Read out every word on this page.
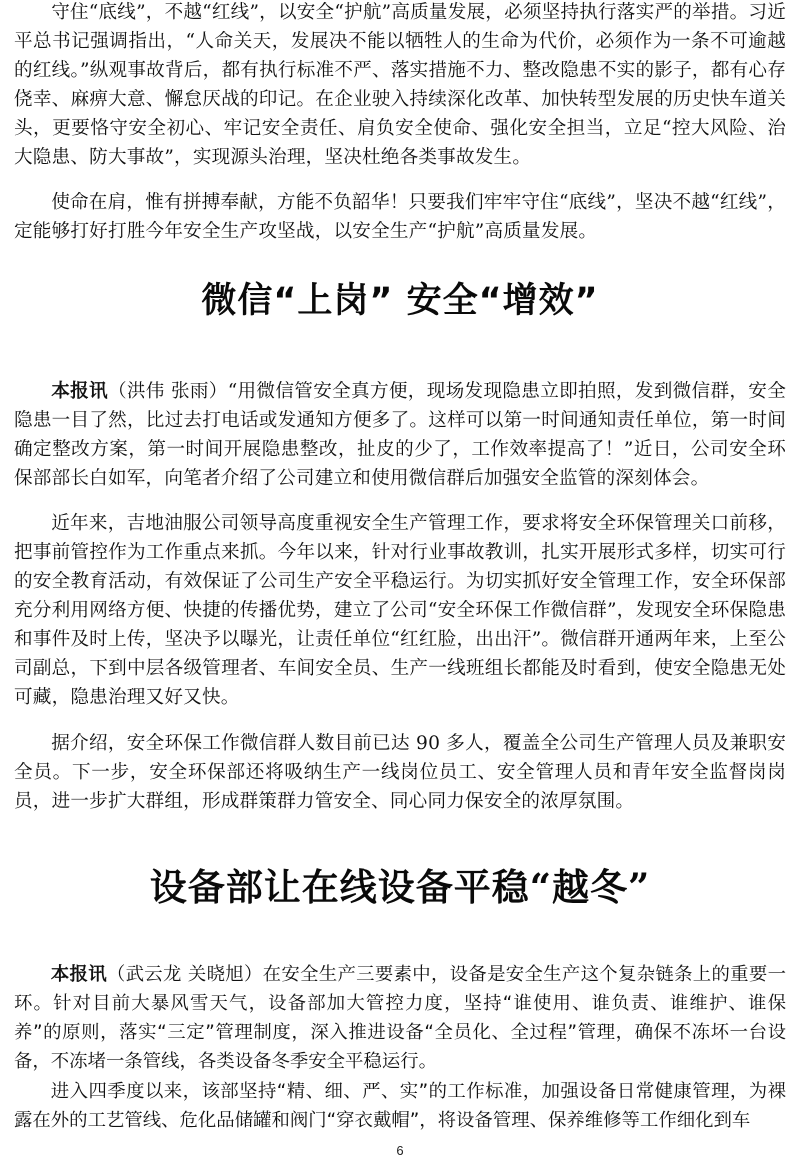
守住“底线”，不越“红线”，以安全“护航”高质量发展，必须坚持执行落实严的举措。习近平总书记强调指出，“人命关天，发展决不能以牺牲人的生命为代价，必须作为一条不可逾越的红线。”纵观事故背后，都有执行标准不严、落实措施不力、整改隐患不实的影子，都有心存侥幸、麻痹大意、懈怠厌战的印记。在企业驶入持续深化改革、加快转型发展的历史快车道关头，更要恪守安全初心、牢记安全责任、肩负安全使命、强化安全担当，立足“控大风险、治大隐患、防大事故”，实现源头治理，坚决杜绝各类事故发生。

使命在肩，惟有拼搏奉献，方能不负韶华！只要我们牢牢守住“底线”，坚决不越“红线”，定能够打好打胜今年安全生产攻坚战，以安全生产“护航”高质量发展。

微信“上岗” 安全“增效”

本报讯（洪伟 张雨）“用微信管安全真方便，现场发现隐患立即拍照，发到微信群，安全隐患一目了然，比过去打电话或发通知方便多了。这样可以第一时间通知责任单位，第一时间确定整改方案，第一时间开展隐患整改，扯皮的少了，工作效率提高了！”近日，公司安全环保部部长白如军，向笔者介绍了公司建立和使用微信群后加强安全监管的深刻体会。

近年来，吉地油服公司领导高度重视安全生产管理工作，要求将安全环保管理关口前移，把事前管控作为工作重点来抓。今年以来，针对行业事故教训，扎实开展形式多样，切实可行的安全教育活动，有效保证了公司生产安全平稳运行。为切实抓好安全管理工作，安全环保部充分利用网络方便、快捷的传播优势，建立了公司“安全环保工作微信群”，发现安全环保隐患和事件及时上传，坚决予以曝光，让责任单位“红红脸，出出汗”。微信群开通两年来，上至公司副总，下到中层各级管理者、车间安全员、生产一线班组长都能及时看到，使安全隐患无处可藏，隐患治理又好又快。

据介绍，安全环保工作微信群人数目前已达 90 多人，覆盖全公司生产管理人员及兼职安全员。下一步，安全环保部还将吸纳生产一线岗位员工、安全管理人员和青年安全监督岗岗员，进一步扩大群组，形成群策群力管安全、同心同力保安全的浓厚氛围。

设备部让在线设备平稳“越冬”

本报讯（武云龙 关晓旭）在安全生产三要素中，设备是安全生产这个复杂链条上的重要一环。针对目前大暴风雪天气，设备部加大管控力度，坚持“谁使用、谁负责、谁维护、谁保养”的原则，落实“三定”管理制度，深入推进设备“全员化、全过程”管理，确保不冻坏一台设备，不冻堵一条管线，各类设备冬季安全平稳运行。

进入四季度以来，该部坚持“精、细、严、实”的工作标准，加强设备日常健康管理，为裸露在外的工艺管线、危化品储罐和阀门“穿衣戴帽”，将设备管理、保养维修等工作细化到车

6
